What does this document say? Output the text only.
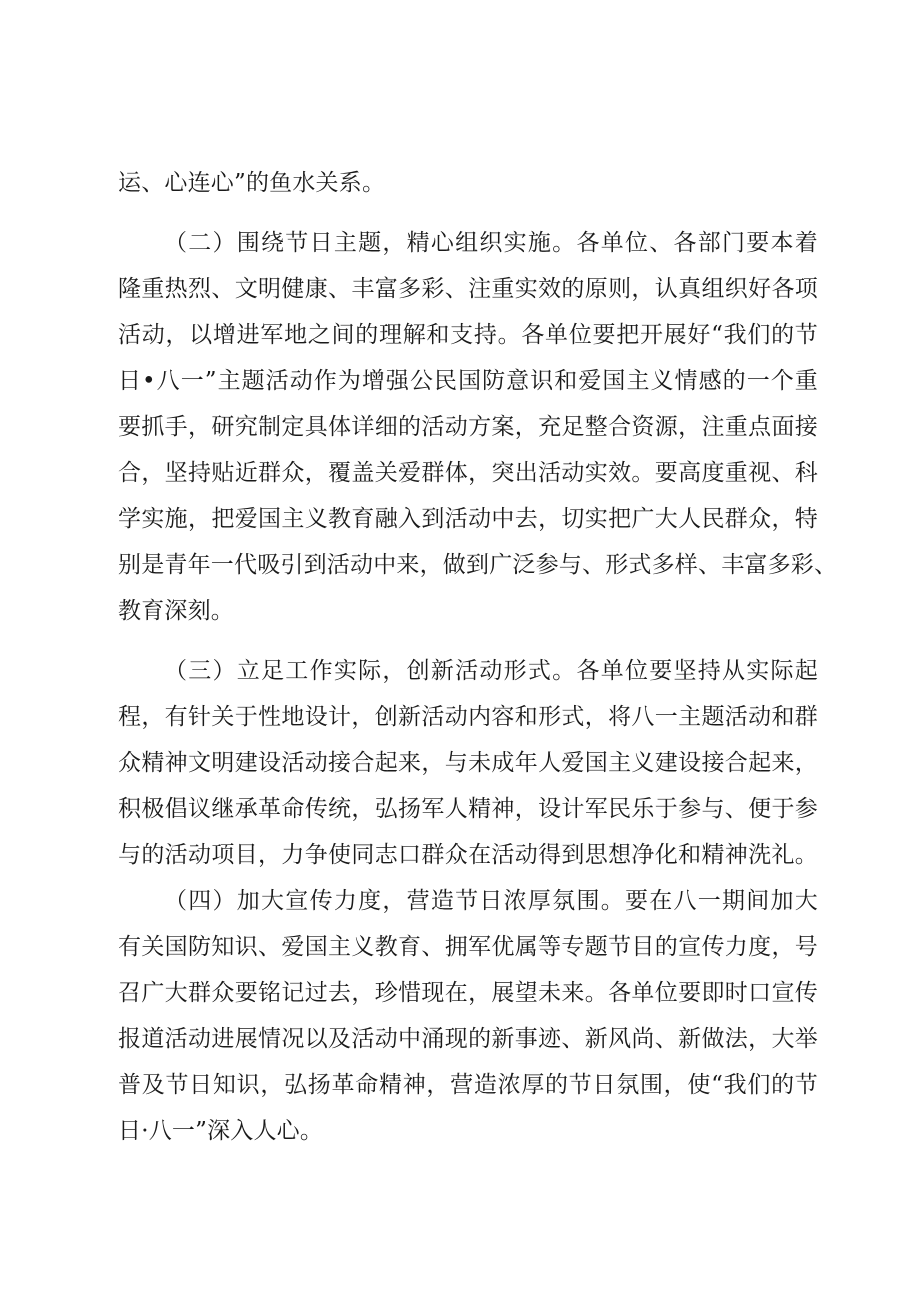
运、心连心”的鱼水关系。
（二）围绕节日主题，精心组织实施。各单位、各部门要本着
隆重热烈、文明健康、丰富多彩、注重实效的原则，认真组织好各项
活动，以增进军地之间的理解和支持。各单位要把开展好“我们的节
日•八一”主题活动作为增强公民国防意识和爱国主义情感的一个重
要抓手，研究制定具体详细的活动方案，充足整合资源，注重点面接
合，坚持贴近群众，覆盖关爱群体，突出活动实效。要高度重视、科
学实施，把爱国主义教育融入到活动中去，切实把广大人民群众，特
别是青年一代吸引到活动中来，做到广泛参与、形式多样、丰富多彩、
教育深刻。
（三）立足工作实际，创新活动形式。各单位要坚持从实际起
程，有针关于性地设计，创新活动内容和形式，将八一主题活动和群
众精神文明建设活动接合起来，与未成年人爱国主义建设接合起来，
积极倡议继承革命传统，弘扬军人精神，设计军民乐于参与、便于参
与的活动项目，力争使同志口群众在活动得到思想净化和精神洗礼。
（四）加大宣传力度，营造节日浓厚氛围。要在八一期间加大
有关国防知识、爱国主义教育、拥军优属等专题节目的宣传力度，号
召广大群众要铭记过去，珍惜现在，展望未来。各单位要即时口宣传
报道活动进展情况以及活动中涌现的新事迹、新风尚、新做法，大举
普及节日知识，弘扬革命精神，营造浓厚的节日氛围，使“我们的节
日·八一”深入人心。
